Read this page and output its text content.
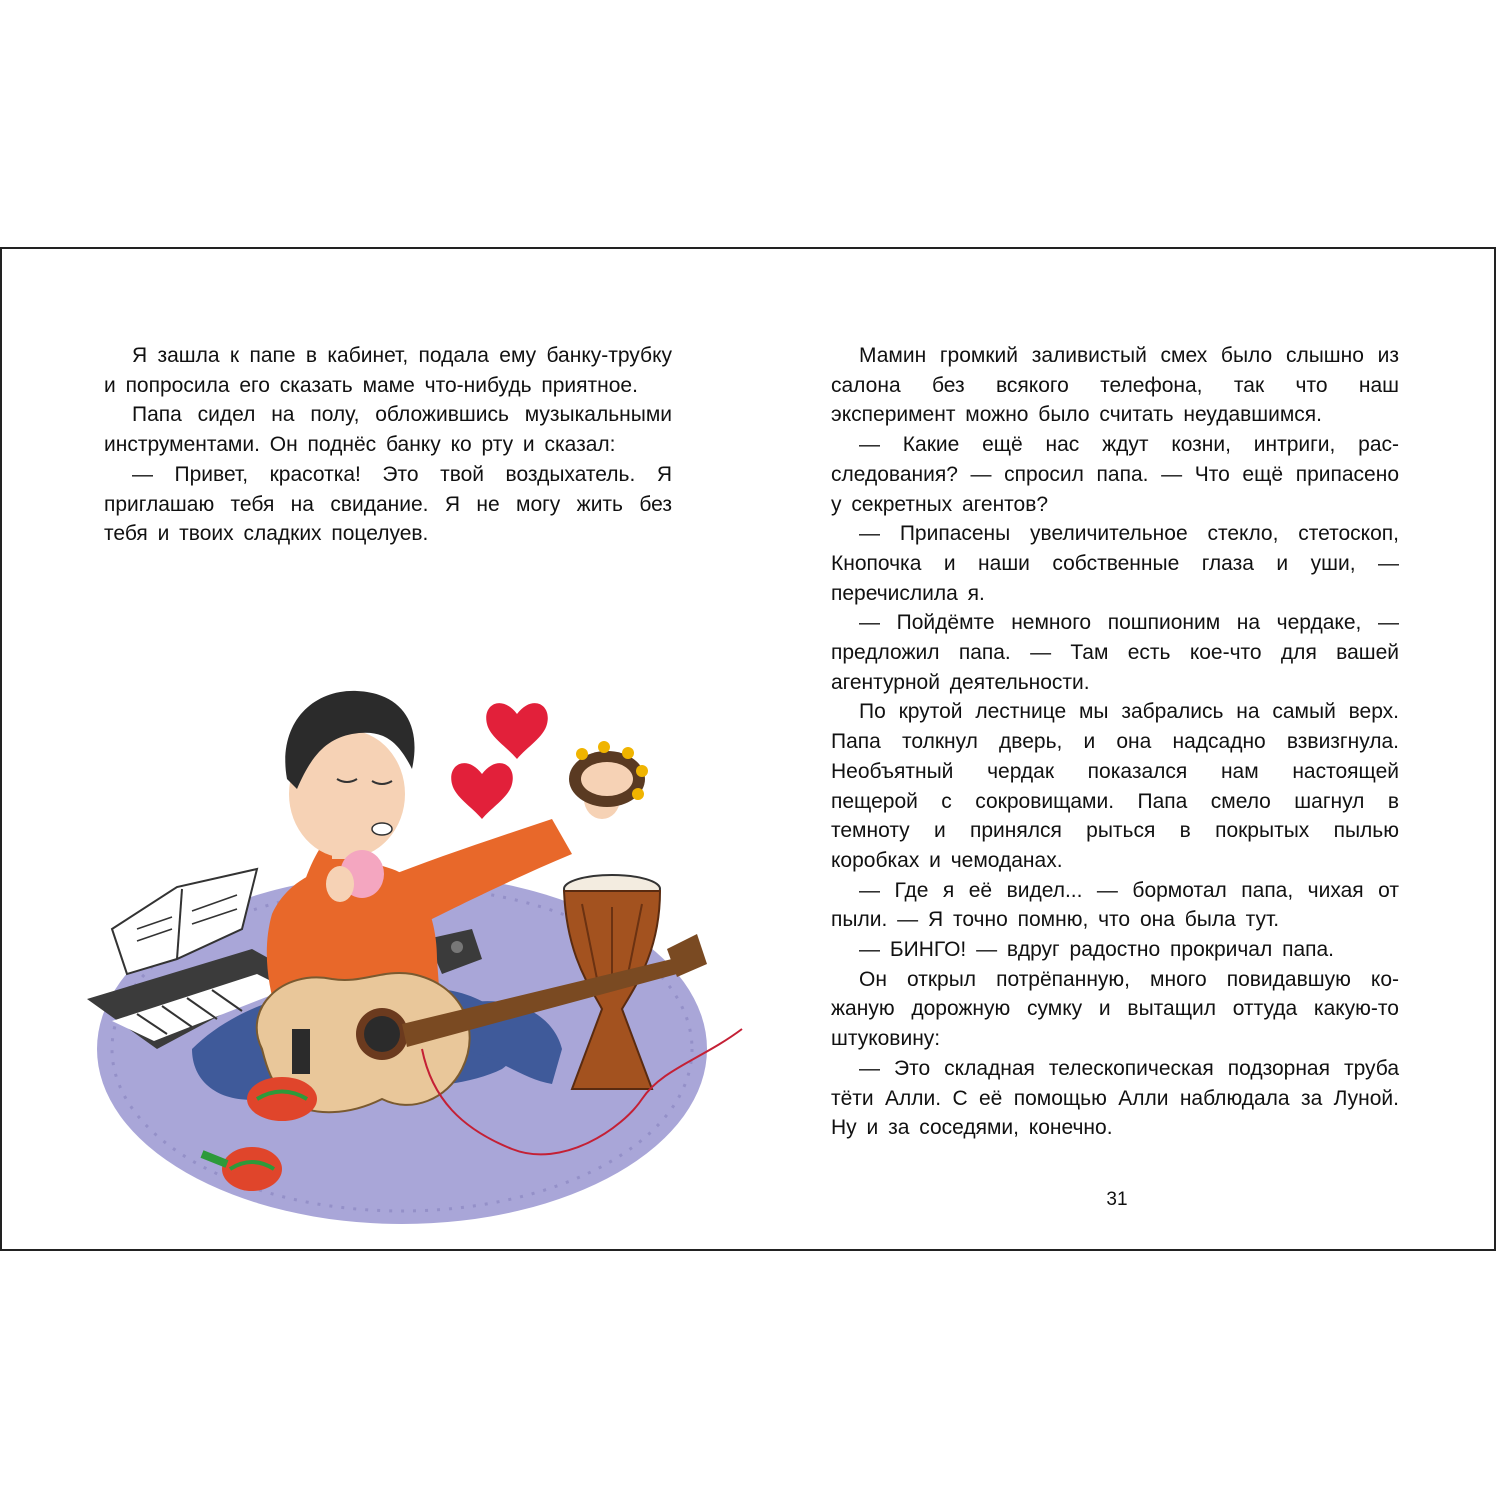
Я зашла к папе в кабинет, подала ему банку-трубку и попросила его сказать маме что-нибудь приятное.

Папа сидел на полу, обложившись музыкальными инструментами. Он поднёс банку ко рту и сказал:

— Привет, красотка! Это твой воздыхатель. Я приглашаю тебя на свидание. Я не могу жить без тебя и твоих сладких поцелуев.

Мамин громкий заливистый смех было слышно из салона без всякого телефона, так что наш эксперимент можно было считать неудавшимся.

— Какие ещё нас ждут козни, интриги, расследования? — спросил папа. — Что ещё припасено у секретных агентов?

— Припасены увеличительное стекло, стетоскоп, Кнопочка и наши собственные глаза и уши, — перечислила я.

— Пойдёмте немного пошпионим на чердаке, — предложил папа. — Там есть кое-что для вашей агентурной деятельности.

По крутой лестнице мы забрались на самый верх. Папа толкнул дверь, и она надсадно взвизгнула. Необъятный чердак показался нам настоящей пещерой с сокровищами. Папа смело шагнул в темноту и принялся рыться в покрытых пылью коробках и чемоданах.

— Где я её видел... — бормотал папа, чихая от пыли. — Я точно помню, что она была тут.

— БИНГО! — вдруг радостно прокричал папа.

Он открыл потрёпанную, много повидавшую кожаную дорожную сумку и вытащил оттуда какую-то штуковину:

— Это складная телескопическая подзорная труба тёти Алли. С её помощью Алли наблюдала за Луной. Ну и за соседями, конечно.

31
